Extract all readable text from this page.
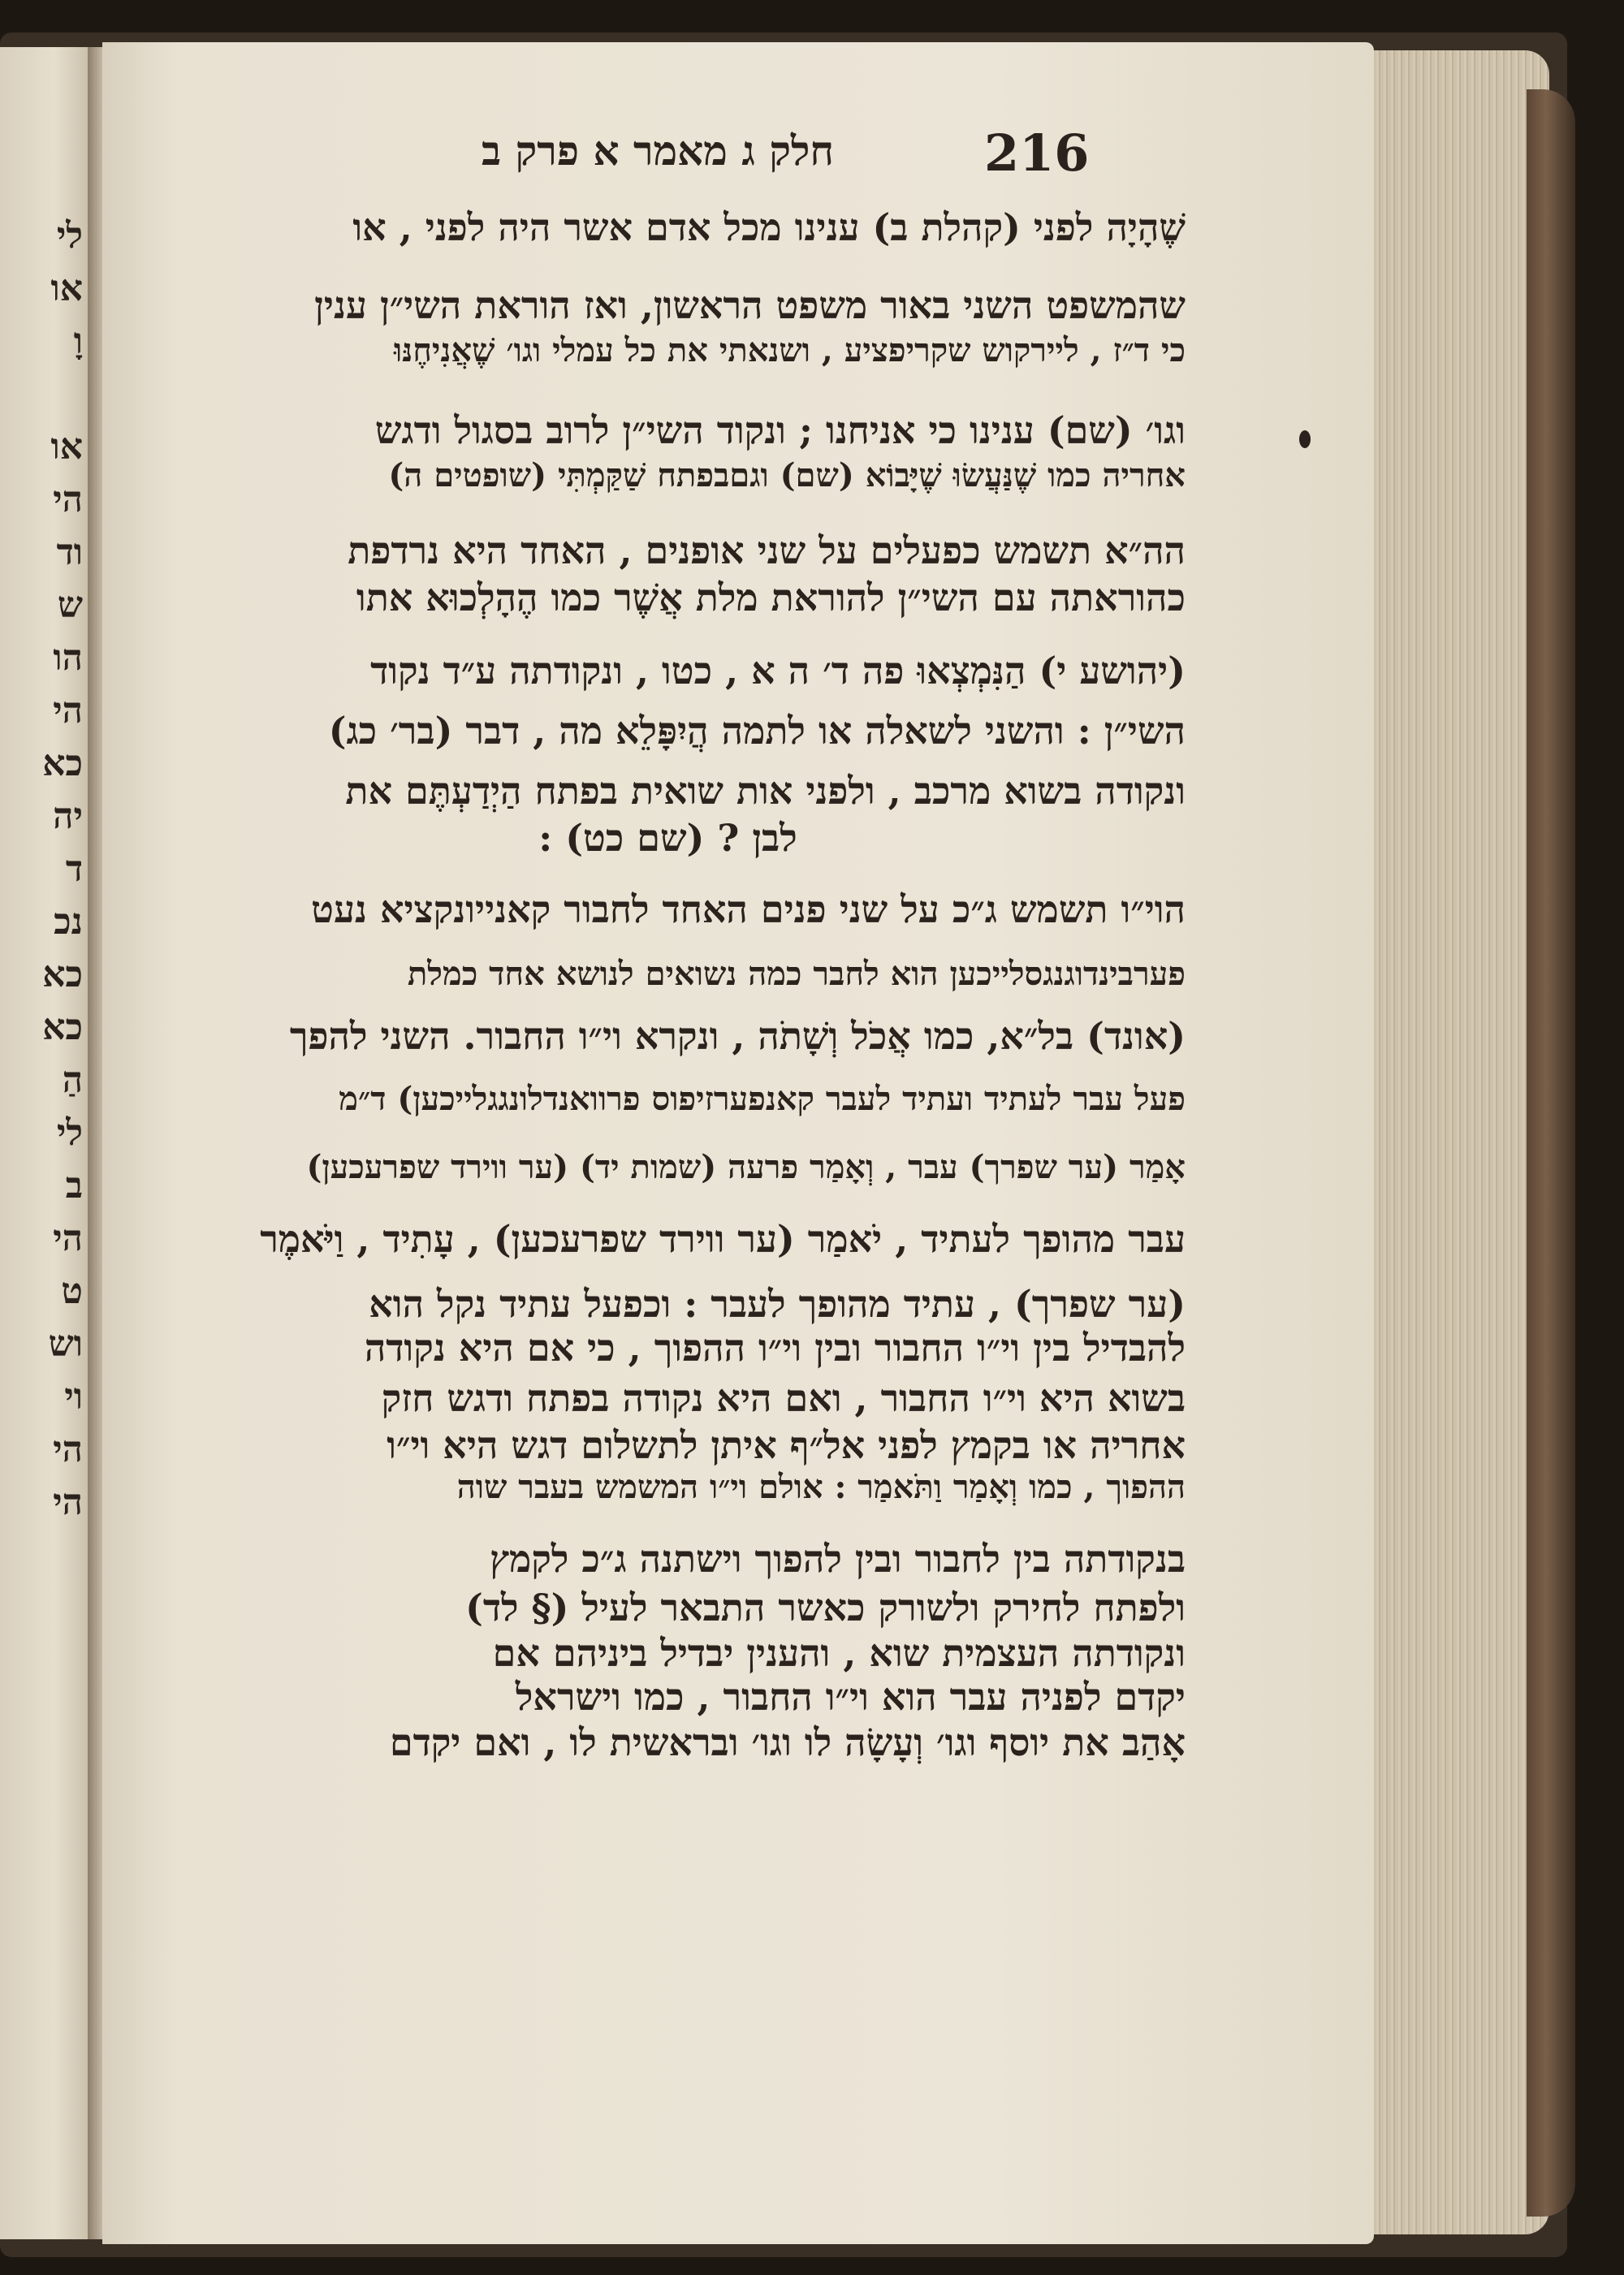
לי
או
וָ
או
הי
וד
ש
הו
הי
כא
יה
ד
נכ
כא
כא
הַ
לי
ב
הי
ט
וש
וי
הי
הי
חלק ג מאמר א פרק ב	216
שֶׁהָיָה לפני (קהלת ב) ענינו מכל אדם אשר היה לפני , או
שהמשפט השני באור משפט הראשון, ואז הוראת השי״ן ענין
כי ד״ז , ליירקוש שקריפציע , ושנאתי את כל עמלי וגו׳ שֶׁאֲנִיחֶנּוּ
וגו׳ (שם) ענינו כי אניחנו ; ונקוד השי״ן לרוב בסגול ודגש
אחריה כמו שֶׁנַּעֲשׂוּ שֶׁיָּבוֹא (שם) וגםבפתח שַׁקַּמְתִּי (שופטים ה)
הה״א תשמש כפעלים על שני אופנים , האחד היא נרדפת
כהוראתה עם השי״ן להוראת מלת אֲשֶׁר כמו הֶהָלְכוּא אתו
(יהושע י) הַנִּמְצְאוּ פה ד׳ ה א , כטו , ונקודתה ע״ד נקוד
השי״ן : והשני לשאלה או לתמה הֲיִפָּלֵא מה , דבר (בר׳ כג)
ונקודה בשוא מרכב , ולפני אות שואית בפתח הַיְדַעְתֶּם את
לבן ? (שם כט) :
הוי״ו תשמש ג״כ על שני פנים האחד לחבור קאנייונקציא נעט
פערבינדוגנגסלייכען הוא לחבר כמה נשואים לנושא אחד כמלת
(אונד) בל״א, כמו אֲכֹל וְשָׁתֹה , ונקרא וי״ו החבור. השני להפך
פעל עבר לעתיד ועתיד לעבר קאנפערזיפוס פרוואנדלונגגלייכען) ד״מ
אָמַר (ער שפרך) עבר , וְאָמַר פרעה (שמות יד) (ער ווירד שפרעכען)
עבר מהופך לעתיד , יֹאמַר (ער ווירד שפרעכען) , עָתִיד , וַיֹּאמֶר
(ער שפרך) , עתיד מהופך לעבר : וכפעל עתיד נקל הוא
להבדיל בין וי״ו החבור ובין וי״ו ההפוך , כי אם היא נקודה
בשוא היא וי״ו החבור , ואם היא נקודה בפתח ודגש חזק
אחריה או בקמץ לפני אל״ף איתן לתשלום דגש היא וי״ו
ההפוך , כמו וְאָמַר וַתֹּאמַר : אולם וי״ו המשמש בעבר שוה
בנקודתה בין לחבור ובין להפוך וישתנה ג״כ לקמץ
ולפתח לחירק ולשורק כאשר התבאר לעיל (§ לד)
ונקודתה העצמית שוא , והענין יבדיל ביניהם אם
יקדם לפניה עבר הוא וי״ו החבור , כמו וישראל
אָהַב את יוסף וגו׳ וְעָשָׂה לו וגו׳ ובראשית לו , ואם יקדם
